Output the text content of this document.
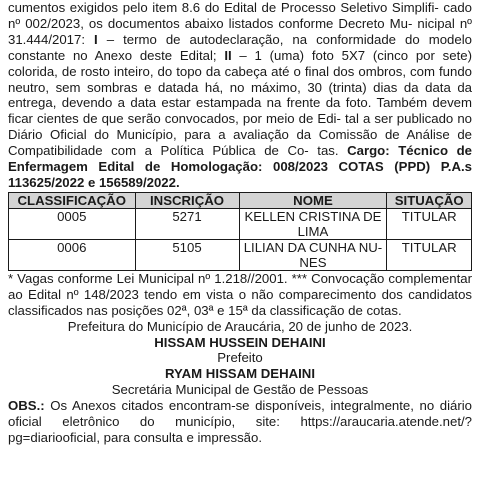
cumentos exigidos pelo item 8.6 do Edital de Processo Seletivo Simplifi- cado nº 002/2023, os documentos abaixo listados conforme Decreto Mu- nicipal nº 31.444/2017: I – termo de autodeclaração, na conformidade do modelo constante no Anexo deste Edital; II – 1 (uma) foto 5X7 (cinco por sete) colorida, de rosto inteiro, do topo da cabeça até o final dos ombros, com fundo neutro, sem sombras e datada há, no máximo, 30 (trinta) dias da data da entrega, devendo a data estar estampada na frente da foto. Também devem ficar cientes de que serão convocados, por meio de Edi- tal a ser publicado no Diário Oficial do Município, para a avaliação da Comissão de Análise de Compatibilidade com a Política Pública de Co- tas. Cargo: Técnico de Enfermagem Edital de Homologação: 008/2023 COTAS (PPD) P.A.s 113625/2022 e 156589/2022.

CLASSIFICAÇÃO	INSCRIÇÃO	NOME	SITUAÇÃO
0005	5271	KELLEN CRISTINA DE LIMA	TITULAR
0006	5105	LILIAN DA CUNHA NU- NES	TITULAR

* Vagas conforme Lei Municipal nº 1.218//2001. *** Convocação complementar ao Edital nº 148/2023 tendo em vista o não comparecimento dos candidatos classificados nas posições 02ª, 03ª e 15ª da classificação de cotas.

Prefeitura do Município de Araucária, 20 de junho de 2023.

HISSAM HUSSEIN DEHAINI

Prefeito

RYAM HISSAM DEHAINI

Secretária Municipal de Gestão de Pessoas

OBS.: Os Anexos citados encontram-se disponíveis, integralmente, no diário oficial eletrônico do município, site: https://araucaria.atende.net/?pg=diariooficial, para consulta e impressão.
